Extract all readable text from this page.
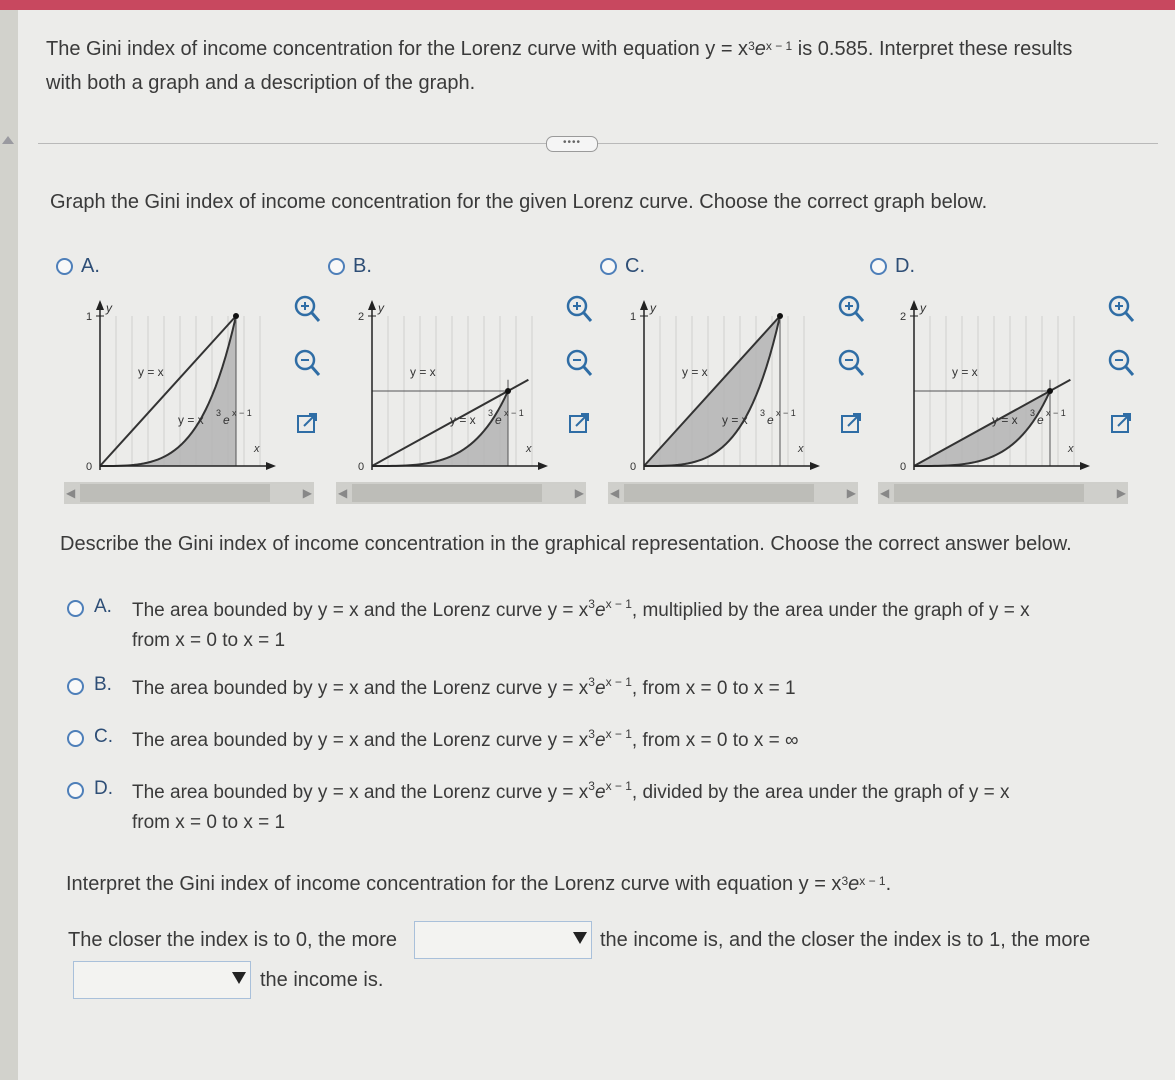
The Gini index of income concentration for the Lorenz curve with equation $y = x^3e^{x - 1}$ is 0.585. Interpret these results
with both a graph and a description of the graph.
••••
Graph the Gini index of income concentration for the given Lorenz curve. Choose the correct graph below.
A.
1
0
y
x
y = x
y = x 3 e x − 1
◀	▶
B.
2
0
y
x
y = x
y = x 3 e x − 1
◀	▶
C.
1
0
y
x
y = x
y = x 3 e x − 1
◀	▶
D.
2
0
y
x
y = x
y = x 3 e x − 1
◀	▶
Describe the Gini index of income concentration in the graphical representation. Choose the correct answer below.
A. The area bounded by y = x and the Lorenz curve $y = x^3e^{x - 1}$, multiplied by the area under the graph of y = x
from x = 0 to x = 1
B. The area bounded by y = x and the Lorenz curve $y = x^3e^{x - 1}$, from x = 0 to x = 1
C. The area bounded by y = x and the Lorenz curve $y = x^3e^{x - 1}$, from x = 0 to x = ∞
D. The area bounded by y = x and the Lorenz curve $y = x^3e^{x - 1}$, divided by the area under the graph of y = x
from x = 0 to x = 1
Interpret the Gini index of income concentration for the Lorenz curve with equation $y = x^3e^{x - 1}$.
The closer the index is to 0, the more	the income is, and the closer the index is to 1, the more
the income is.
